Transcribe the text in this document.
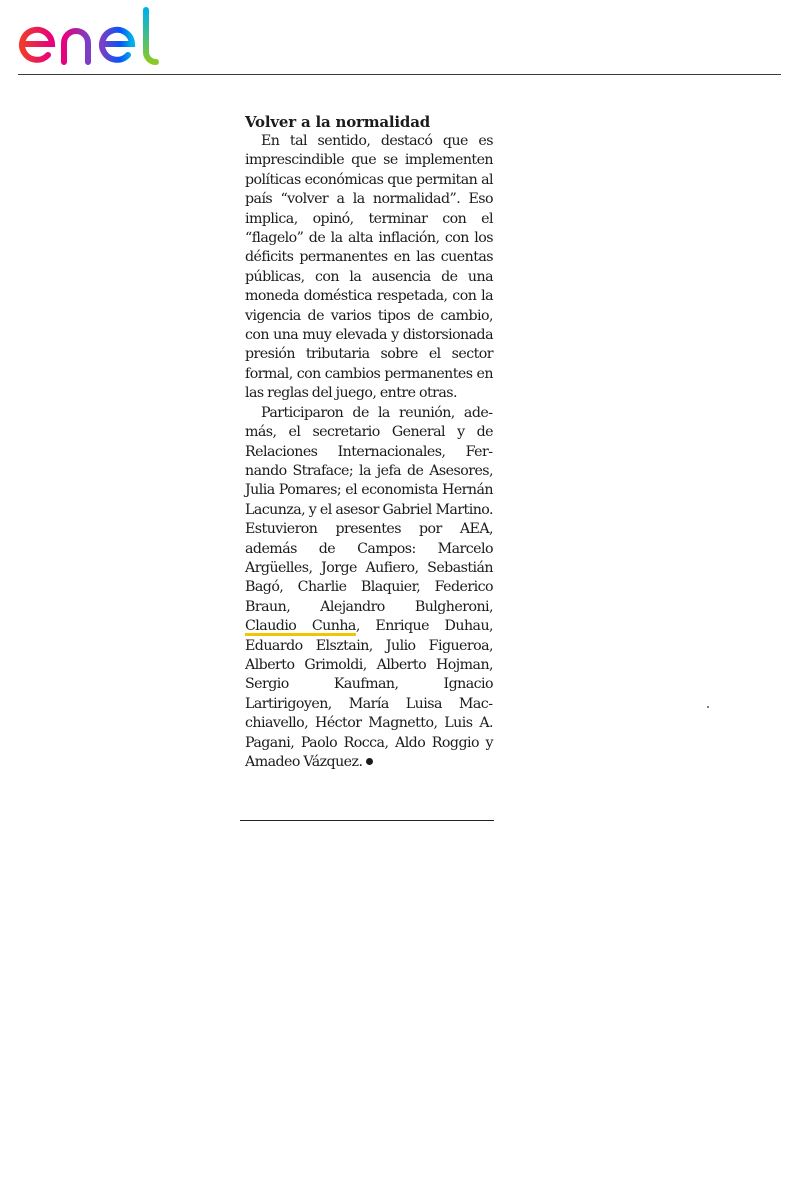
Volver a la normalidad

En tal sentido, destacó que es imprescindible que se implementen políticas económicas que permitan al país “volver a la normalidad”. Eso implica, opinó, terminar con el “flagelo” de la alta inflación, con los déficits permanentes en las cuentas públicas, con la ausencia de una moneda doméstica respetada, con la vigencia de varios tipos de cambio, con una muy elevada y distorsionada presión tributaria sobre el sector formal, con cambios permanentes en las reglas del juego, entre otras.

Participaron de la reunión, además, el secretario General y de Relaciones Internacionales, Fernando Straface; la jefa de Asesores, Julia Pomares; el economista Hernán Lacunza, y el asesor Gabriel Martino. Estuvieron presentes por AEA, además de Campos: Marcelo Argüelles, Jorge Aufiero, Sebastián Bagó, Charlie Blaquier, Federico Braun, Alejandro Bulgheroni, Claudio Cunha, Enrique Duhau, Eduardo Elsztain, Julio Figueroa, Alberto Grimoldi, Alberto Hojman, Sergio Kaufman, Ignacio Lartirigoyen, María Luisa Macchiavello, Héctor Magnetto, Luis A. Pagani, Paolo Rocca, Aldo Roggio y Amadeo Vázquez.
